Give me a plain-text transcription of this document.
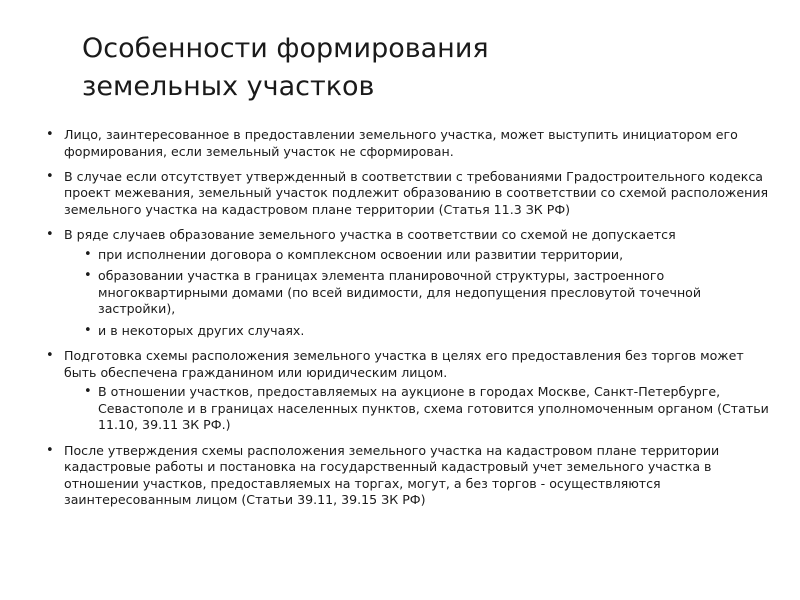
Особенности формирования
земельных участков
• Лицо, заинтересованное в предоставлении земельного участка, может выступить инициатором его формирования, если земельный участок не сформирован.
• В случае если отсутствует утвержденный в соответствии с требованиями Градостроительного кодекса проект межевания, земельный участок подлежит образованию в соответствии со схемой расположения земельного участка на кадастровом плане территории (Статья 11.3 ЗК РФ)
• В ряде случаев образование земельного участка в соответствии со схемой не допускается
• при исполнении договора о комплексном освоении или развитии территории,
• образовании участка в границах элемента планировочной структуры, застроенного многоквартирными домами (по всей видимости, для недопущения пресловутой точечной застройки),
• и в некоторых других случаях.
• Подготовка схемы расположения земельного участка в целях его предоставления без торгов может быть обеспечена гражданином или юридическим лицом.
• В отношении участков, предоставляемых на аукционе в городах Москве, Санкт-Петербурге, Севастополе и в границах населенных пунктов, схема готовится уполномоченным органом (Статьи 11.10, 39.11 ЗК РФ.)
• После утверждения схемы расположения земельного участка на кадастровом плане территории кадастровые работы и постановка на государственный кадастровый учет земельного участка в отношении участков, предоставляемых на торгах, могут, а без торгов - осуществляются заинтересованным лицом (Статьи 39.11, 39.15 ЗК РФ)
